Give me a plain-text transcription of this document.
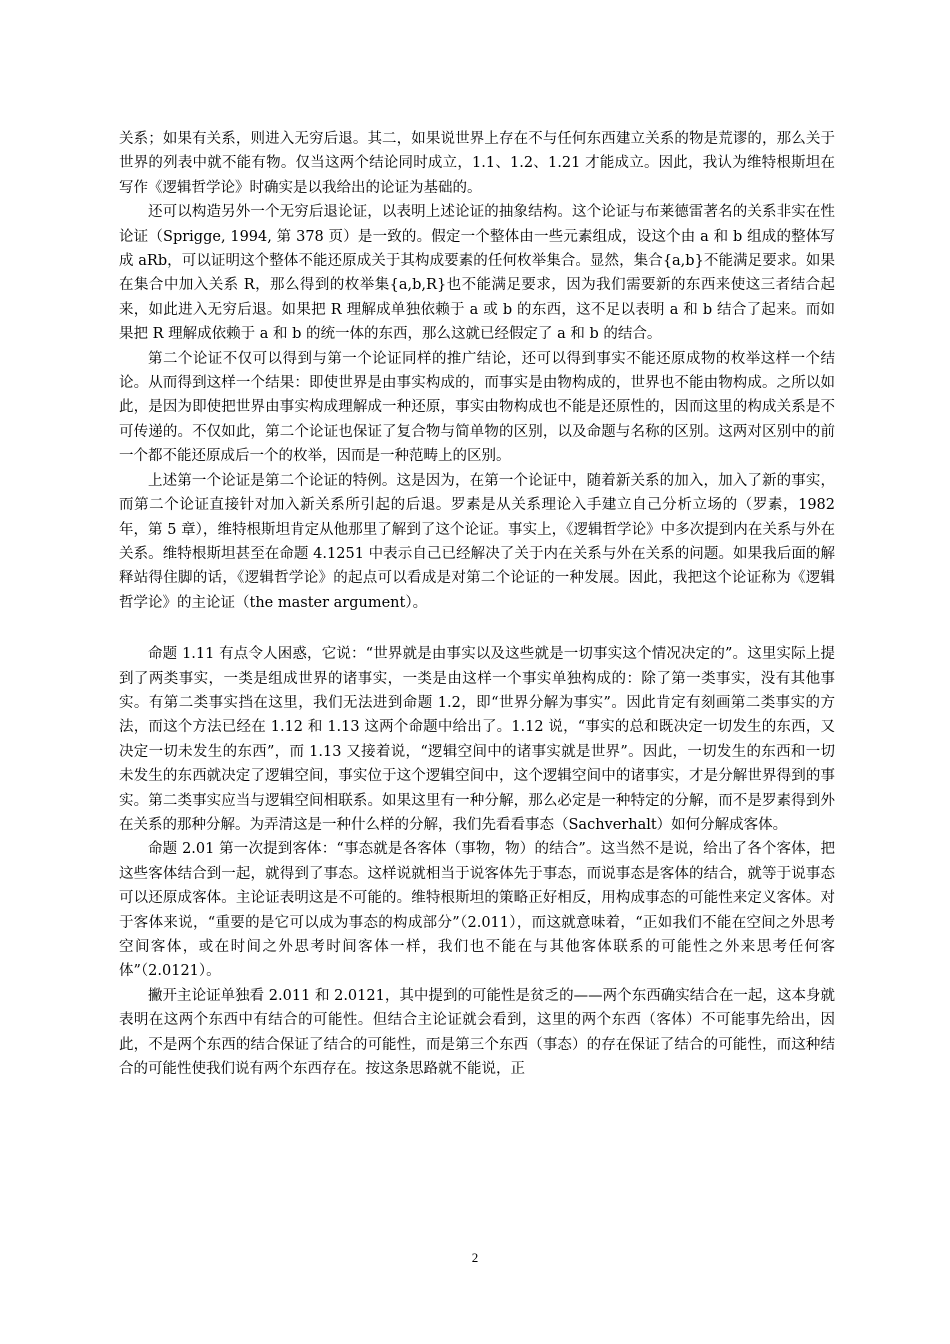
关系；如果有关系，则进入无穷后退。其二，如果说世界上存在不与任何东西建立关系的物是荒谬的，那么关于世界的列表中就不能有物。仅当这两个结论同时成立，1.1、1.2、1.21 才能成立。因此，我认为维特根斯坦在写作《逻辑哲学论》时确实是以我给出的论证为基础的。

还可以构造另外一个无穷后退论证，以表明上述论证的抽象结构。这个论证与布莱德雷著名的关系非实在性论证（Sprigge, 1994, 第 378 页）是一致的。假定一个整体由一些元素组成，设这个由 a 和 b 组成的整体写成 aRb，可以证明这个整体不能还原成关于其构成要素的任何枚举集合。显然，集合{a,b}不能满足要求。如果在集合中加入关系 R，那么得到的枚举集{a,b,R}也不能满足要求，因为我们需要新的东西来使这三者结合起来，如此进入无穷后退。如果把 R 理解成单独依赖于 a 或 b 的东西，这不足以表明 a 和 b 结合了起来。而如果把 R 理解成依赖于 a 和 b 的统一体的东西，那么这就已经假定了 a 和 b 的结合。

第二个论证不仅可以得到与第一个论证同样的推广结论，还可以得到事实不能还原成物的枚举这样一个结论。从而得到这样一个结果：即使世界是由事实构成的，而事实是由物构成的，世界也不能由物构成。之所以如此，是因为即使把世界由事实构成理解成一种还原，事实由物构成也不能是还原性的，因而这里的构成关系是不可传递的。不仅如此，第二个论证也保证了复合物与简单物的区别，以及命题与名称的区别。这两对区别中的前一个都不能还原成后一个的枚举，因而是一种范畴上的区别。

上述第一个论证是第二个论证的特例。这是因为，在第一个论证中，随着新关系的加入，加入了新的事实，而第二个论证直接针对加入新关系所引起的后退。罗素是从关系理论入手建立自己分析立场的（罗素，1982 年，第 5 章），维特根斯坦肯定从他那里了解到了这个论证。事实上，《逻辑哲学论》中多次提到内在关系与外在关系。维特根斯坦甚至在命题 4.1251 中表示自己已经解决了关于内在关系与外在关系的问题。如果我后面的解释站得住脚的话，《逻辑哲学论》的起点可以看成是对第二个论证的一种发展。因此，我把这个论证称为《逻辑哲学论》的主论证（the master argument）。

命题 1.11 有点令人困惑，它说：“世界就是由事实以及这些就是一切事实这个情况决定的”。这里实际上提到了两类事实，一类是组成世界的诸事实，一类是由这样一个事实单独构成的：除了第一类事实，没有其他事实。有第二类事实挡在这里，我们无法进到命题 1.2，即“世界分解为事实”。因此肯定有刻画第二类事实的方法，而这个方法已经在 1.12 和 1.13 这两个命题中给出了。1.12 说，“事实的总和既决定一切发生的东西，又决定一切未发生的东西”，而 1.13 又接着说，“逻辑空间中的诸事实就是世界”。因此，一切发生的东西和一切未发生的东西就决定了逻辑空间，事实位于这个逻辑空间中，这个逻辑空间中的诸事实，才是分解世界得到的事实。第二类事实应当与逻辑空间相联系。如果这里有一种分解，那么必定是一种特定的分解，而不是罗素得到外在关系的那种分解。为弄清这是一种什么样的分解，我们先看看事态（Sachverhalt）如何分解成客体。

命题 2.01 第一次提到客体：“事态就是各客体（事物，物）的结合”。这当然不是说，给出了各个客体，把这些客体结合到一起，就得到了事态。这样说就相当于说客体先于事态，而说事态是客体的结合，就等于说事态可以还原成客体。主论证表明这是不可能的。维特根斯坦的策略正好相反，用构成事态的可能性来定义客体。对于客体来说，“重要的是它可以成为事态的构成部分”（2.011），而这就意味着，“正如我们不能在空间之外思考空间客体，或在时间之外思考时间客体一样，我们也不能在与其他客体联系的可能性之外来思考任何客体”（2.0121）。

撇开主论证单独看 2.011 和 2.0121，其中提到的可能性是贫乏的——两个东西确实结合在一起，这本身就表明在这两个东西中有结合的可能性。但结合主论证就会看到，这里的两个东西（客体）不可能事先给出，因此，不是两个东西的结合保证了结合的可能性，而是第三个东西（事态）的存在保证了结合的可能性，而这种结合的可能性使我们说有两个东西存在。按这条思路就不能说，正

2
